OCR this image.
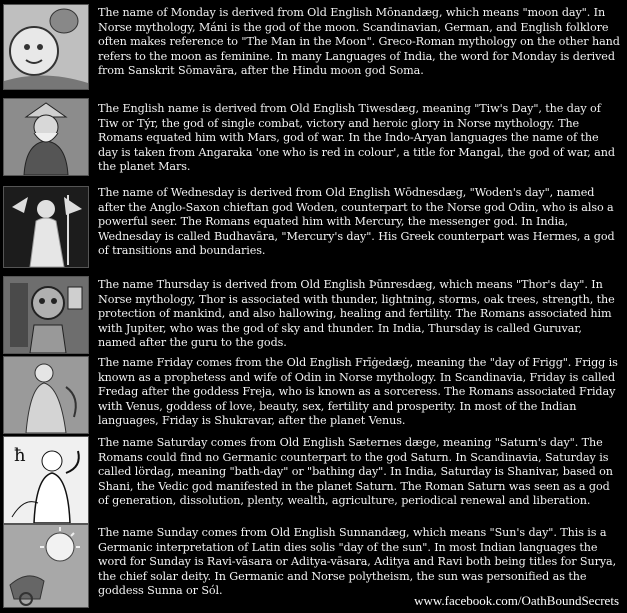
The name of Monday is derived from Old English Mōnandæg, which means "moon day". In Norse mythology, Máni is the god of the moon. Scandinavian, German, and English folklore often makes reference to "The Man in the Moon". Greco-Roman mythology on the other hand refers to the moon as feminine. In many Languages of India, the word for Monday is derived from Sanskrit Sōmavāra, after the Hindu moon god Soma.
The English name is derived from Old English Tiwesdæg, meaning "Tiw's Day", the day of Tiw or Týr, the god of single combat, victory and heroic glory in Norse mythology. The Romans equated him with Mars, god of war. In the Indo-Aryan languages the name of the day is taken from Angaraka 'one who is red in colour', a title for Mangal, the god of war, and the planet Mars.
The name of Wednesday is derived from Old English Wōdnesdæg, "Woden's day", named after the Anglo-Saxon chieftan god Woden, counterpart to the Norse god Odin, who is also a powerful seer. The Romans equated him with Mercury, the messenger god. In India, Wednesday is called Budhavāra, "Mercury's day". His Greek counterpart was Hermes, a god of transitions and boundaries.
The name Thursday is derived from Old English Þūnresdæg, which means "Thor's day". In Norse mythology, Thor is associated with thunder, lightning, storms, oak trees, strength, the protection of mankind, and also hallowing, healing and fertility. The Romans associated him with Jupiter, who was the god of sky and thunder. In India, Thursday is called Guruvar, named after the guru to the gods.
The name Friday comes from the Old English Frīġedæġ, meaning the "day of Frigg". Frigg is known as a prophetess and wife of Odin in Norse mythology. In Scandinavia, Friday is called Fredag after the goddess Freja, who is known as a sorceress. The Romans associated Friday with Venus, goddess of love, beauty, sex, fertility and prosperity. In most of the Indian languages, Friday is Shukravar, after the planet Venus.
ħ
The name Saturday comes from Old English Sæternes dæge, meaning "Saturn's day". The Romans could find no Germanic counterpart to the god Saturn. In Scandinavia, Saturday is called lördag, meaning "bath-day" or "bathing day". In India, Saturday is Shanivar, based on Shani, the Vedic god manifested in the planet Saturn. The Roman Saturn was seen as a god of generation, dissolution, plenty, wealth, agriculture, periodical renewal and liberation.
The name Sunday comes from Old English Sunnandæg, which means "Sun's day". This is a Germanic interpretation of Latin dies solis "day of the sun". In most Indian languages the word for Sunday is Ravi-vāsara or Aditya-vāsara, Aditya and Ravi both being titles for Surya, the chief solar deity. In Germanic and Norse polytheism, the sun was personified as the goddess Sunna or Sól.
www.facebook.com/OathBoundSecrets
